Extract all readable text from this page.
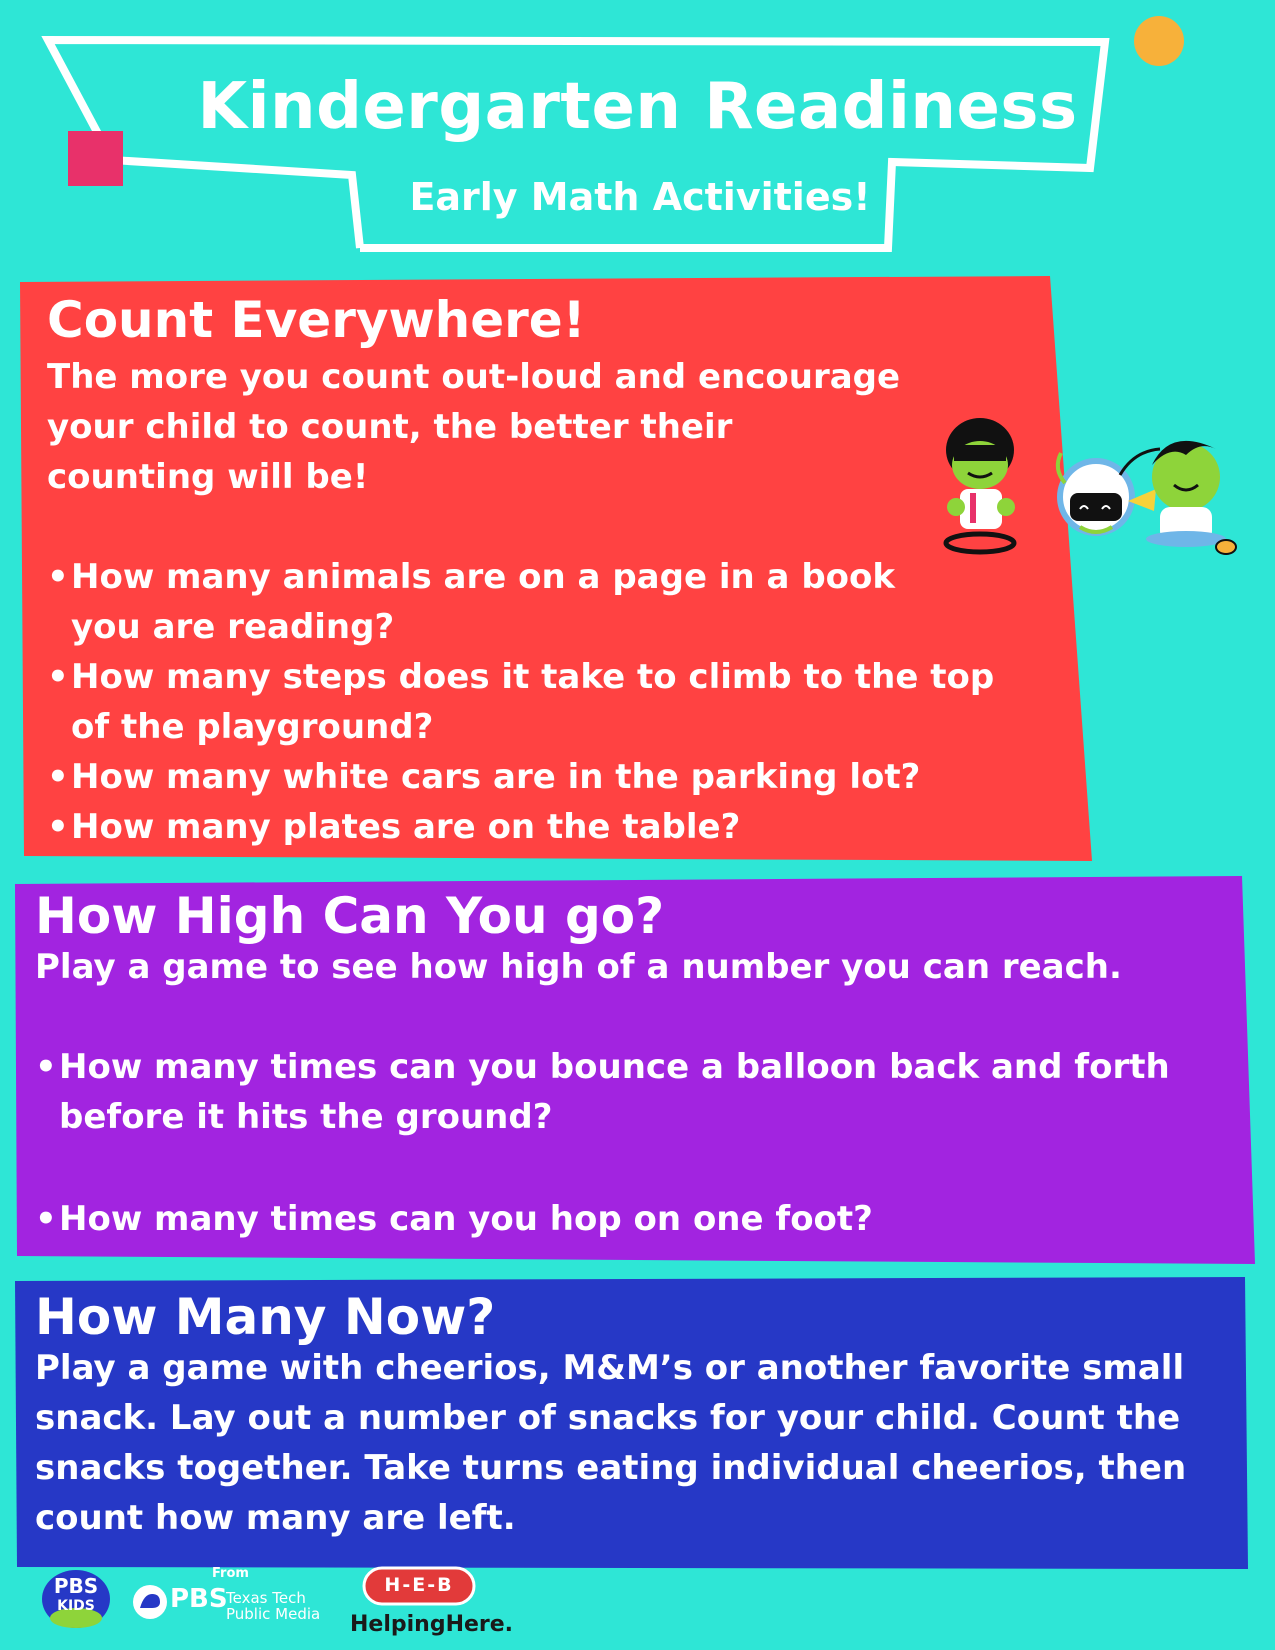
Kindergarten Readiness
Early Math Activities!
Count Everywhere!
The more you count out-loud and encourage
your child to count, the better their
counting will be!
• How many animals are on a page in a book
you are reading?
• How many steps does it take to climb to the top
of the playground?
• How many white cars are in the parking lot?
• How many plates are on the table?
How High Can You go?
Play a game to see how high of a number you can reach.
• How many times can you bounce a balloon back and forth
before it hits the ground?
• How many times can you hop on one foot?
How Many Now?
Play a game with cheerios, M&M’s or another favorite small
snack. Lay out a number of snacks for your child. Count the
snacks together. Take turns eating individual cheerios, then
count how many are left.
PBS
KIDS
From
PBS
Texas Tech
Public Media
H-E-B
HelpingHere.
